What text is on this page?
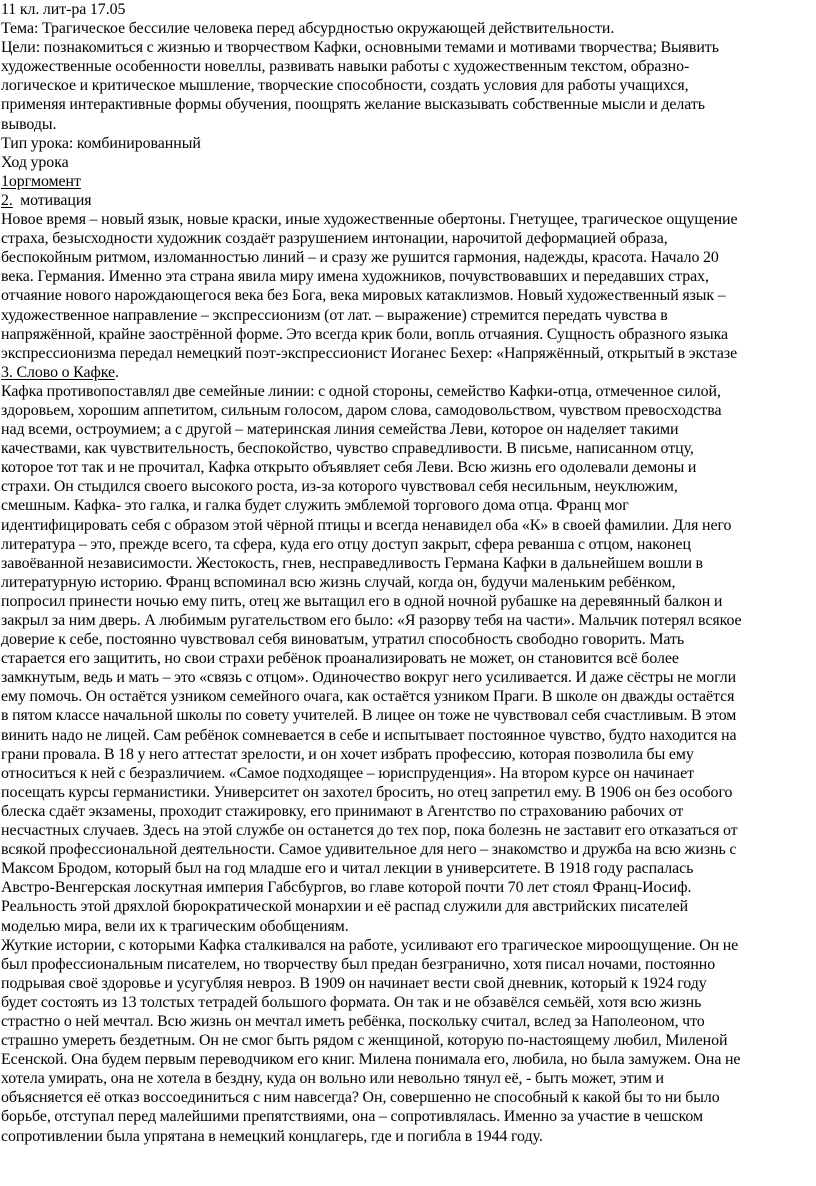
11 кл. лит-ра 17.05
Тема: Трагическое бессилие человека перед абсурдностью окружающей действительности.
Цели: познакомиться с жизнью и творчеством Кафки, основными темами и мотивами творчества; Выявить
художественные особенности новеллы, развивать навыки работы с художественным текстом, образно-
логическое и критическое мышление, творческие способности, создать условия для работы учащихся,
применяя интерактивные формы обучения, поощрять желание высказывать собственные мысли и делать
выводы.
Тип урока: комбинированный
Ход урока
1оргмомент
2.  мотивация
Новое время – новый язык, новые краски, иные художественные обертоны. Гнетущее, трагическое ощущение
страха, безысходности художник создаёт разрушением интонации, нарочитой деформацией образа,
беспокойным ритмом, изломанностью линий – и сразу же рушится гармония, надежды, красота. Начало 20
века. Германия. Именно эта страна явила миру имена художников, почувствовавших и передавших страх,
отчаяние нового нарождающегося века без Бога, века мировых катаклизмов. Новый художественный язык –
художественное направление – экспрессионизм (от лат. – выражение) стремится передать чувства в
напряжённой, крайне заострённой форме. Это всегда крик боли, вопль отчаяния. Сущность образного языка
экспрессионизма передал немецкий поэт-экспрессионист Иоганес Бехер: «Напряжённый, открытый в экстазе
3. Слово о Кафке.
Кафка противопоставлял две семейные линии: с одной стороны, семейство Кафки-отца, отмеченное силой,
здоровьем, хорошим аппетитом, сильным голосом, даром слова, самодовольством, чувством превосходства
над всеми, остроумием; а с другой – материнская линия семейства Леви, которое он наделяет такими
качествами, как чувствительность, беспокойство, чувство справедливости. В письме, написанном отцу,
которое тот так и не прочитал, Кафка открыто объявляет себя Леви. Всю жизнь его одолевали демоны и
страхи. Он стыдился своего высокого роста, из-за которого чувствовал себя несильным, неуклюжим,
смешным. Кафка- это галка, и галка будет служить эмблемой торгового дома отца. Франц мог
идентифицировать себя с образом этой чёрной птицы и всегда ненавидел оба «К» в своей фамилии. Для него
литература – это, прежде всего, та сфера, куда его отцу доступ закрыт, сфера реванша с отцом, наконец
завоёванной независимости. Жестокость, гнев, несправедливость Германа Кафки в дальнейшем вошли в
литературную историю. Франц вспоминал всю жизнь случай, когда он, будучи маленьким ребёнком,
попросил принести ночью ему пить, отец же вытащил его в одной ночной рубашке на деревянный балкон и
закрыл за ним дверь. А любимым ругательством его было: «Я разорву тебя на части». Мальчик потерял всякое
доверие к себе, постоянно чувствовал себя виноватым, утратил способность свободно говорить. Мать
старается его защитить, но свои страхи ребёнок проанализировать не может, он становится всё более
замкнутым, ведь и мать – это «связь с отцом». Одиночество вокруг него усиливается. И даже сёстры не могли
ему помочь. Он остаётся узником семейного очага, как остаётся узником Праги. В школе он дважды остаётся
в пятом классе начальной школы по совету учителей. В лицее он тоже не чувствовал себя счастливым. В этом
винить надо не лицей. Сам ребёнок сомневается в себе и испытывает постоянное чувство, будто находится на
грани провала. В 18 у него аттестат зрелости, и он хочет избрать профессию, которая позволила бы ему
относиться к ней с безразличием. «Самое подходящее – юриспруденция». На втором курсе он начинает
посещать курсы германистики. Университет он захотел бросить, но отец запретил ему. В 1906 он без особого
блеска сдаёт экзамены, проходит стажировку, его принимают в Агентство по страхованию рабочих от
несчастных случаев. Здесь на этой службе он останется до тех пор, пока болезнь не заставит его отказаться от
всякой профессиональной деятельности. Самое удивительное для него – знакомство и дружба на всю жизнь с
Максом Бродом, который был на год младше его и читал лекции в университете. В 1918 году распалась
Австро-Венгерская лоскутная империя Габсбургов, во главе которой почти 70 лет стоял Франц-Иосиф.
Реальность этой дряхлой бюрократической монархии и её распад служили для австрийских писателей
моделью мира, вели их к трагическим обобщениям.
Жуткие истории, с которыми Кафка сталкивался на работе, усиливают его трагическое мироощущение. Он не
был профессиональным писателем, но творчеству был предан безгранично, хотя писал ночами, постоянно
подрывая своё здоровье и усугубляя невроз. В 1909 он начинает вести свой дневник, который к 1924 году
будет состоять из 13 толстых тетрадей большого формата. Он так и не обзавёлся семьёй, хотя всю жизнь
страстно о ней мечтал. Всю жизнь он мечтал иметь ребёнка, поскольку считал, вслед за Наполеоном, что
страшно умереть бездетным. Он не смог быть рядом с женщиной, которую по-настоящему любил, Миленой
Есенской. Она будем первым переводчиком его книг. Милена понимала его, любила, но была замужем. Она не
хотела умирать, она не хотела в бездну, куда он вольно или невольно тянул её, - быть может, этим и
объясняется её отказ воссоединиться с ним навсегда? Он, совершенно не способный к какой бы то ни было
борьбе, отступал перед малейшими препятствиями, она – сопротивлялась. Именно за участие в чешском
сопротивлении была упрятана в немецкий концлагерь, где и погибла в 1944 году.
